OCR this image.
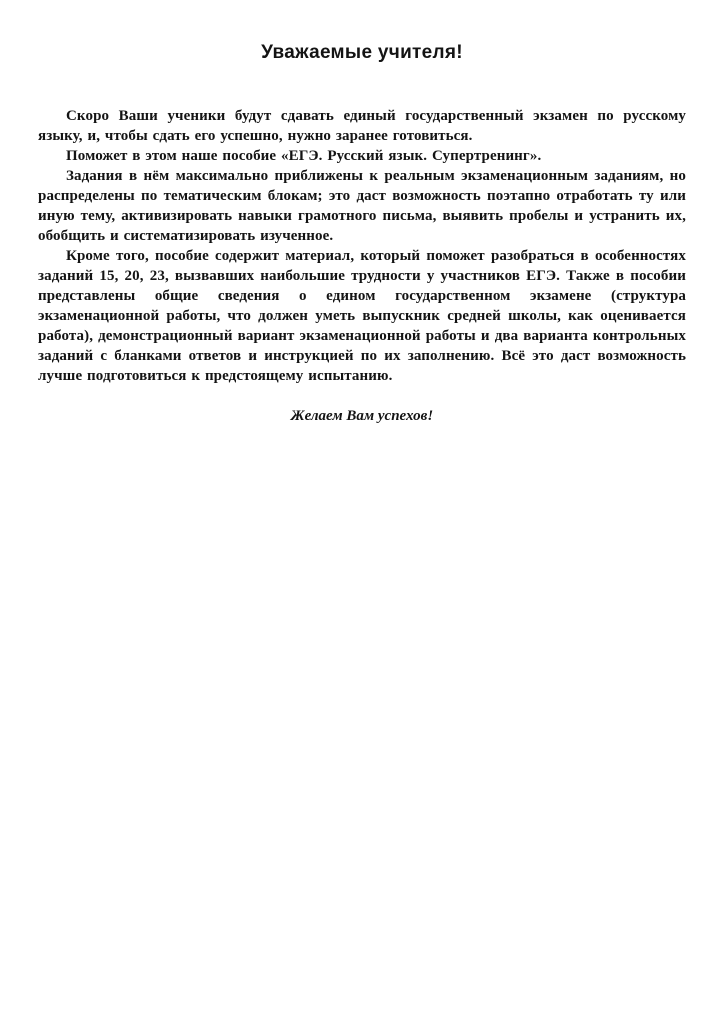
Уважаемые учителя!

Скоро Ваши ученики будут сдавать единый государственный экзамен по русскому языку, и, чтобы сдать его успешно, нужно заранее готовиться.

Поможет в этом наше пособие «ЕГЭ. Русский язык. Супертренинг».

Задания в нём максимально приближены к реальным экзаменационным заданиям, но распределены по тематическим блокам; это даст возможность поэтапно отработать ту или иную тему, активизировать навыки грамотного письма, выявить пробелы и устранить их, обобщить и систематизировать изученное.

Кроме того, пособие содержит материал, который поможет разобраться в особенностях заданий 15, 20, 23, вызвавших наибольшие трудности у участников ЕГЭ. Также в пособии представлены общие сведения о едином государственном экзамене (структура экзаменационной работы, что должен уметь выпускник средней школы, как оценивается работа), демонстрационный вариант экзаменационной работы и два варианта контрольных заданий с бланками ответов и инструкцией по их заполнению. Всё это даст возможность лучше подготовиться к предстоящему испытанию.

Желаем Вам успехов!
